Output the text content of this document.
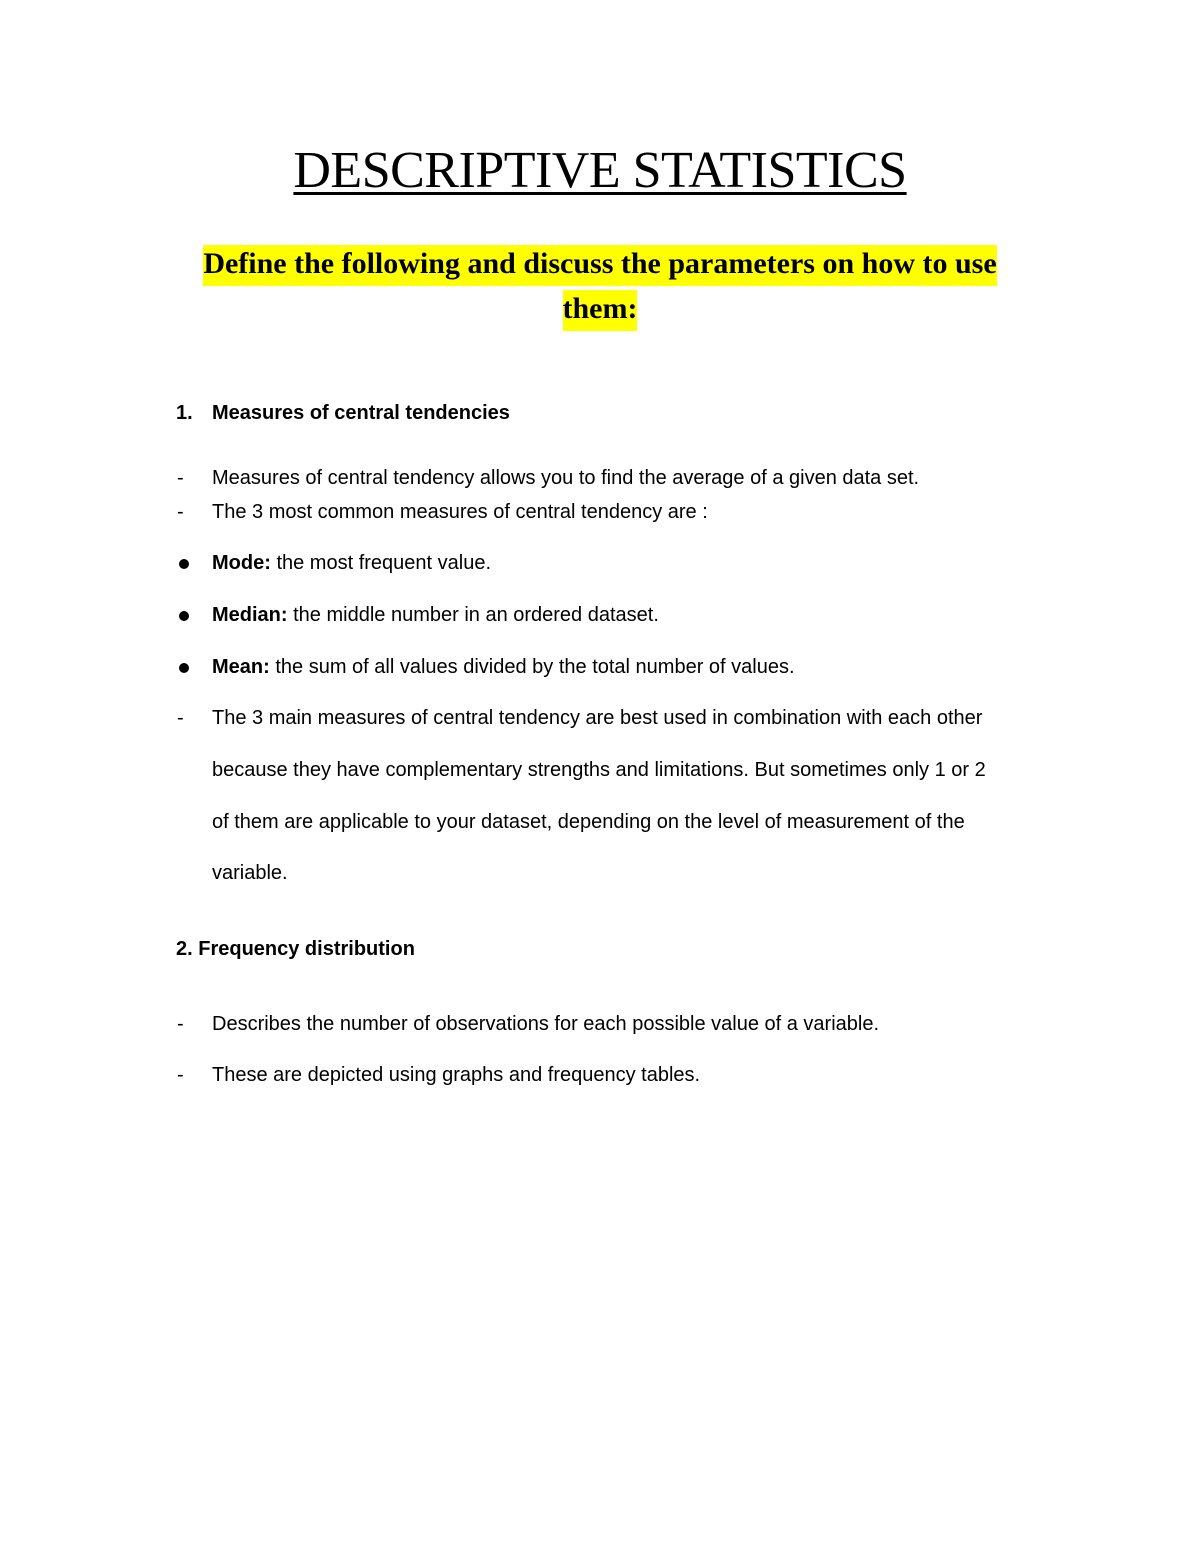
DESCRIPTIVE STATISTICS
Define the following and discuss the parameters on how to use
them:
1. Measures of central tendencies
- Measures of central tendency allows you to find the average of a given data set.
- The 3 most common measures of central tendency are :
Mode: the most frequent value.
Median: the middle number in an ordered dataset.
Mean: the sum of all values divided by the total number of values.
- The 3 main measures of central tendency are best used in combination with each other
because they have complementary strengths and limitations. But sometimes only 1 or 2
of them are applicable to your dataset, depending on the level of measurement of the
variable.
2. Frequency distribution
- Describes the number of observations for each possible value of a variable.
- These are depicted using graphs and frequency tables.
